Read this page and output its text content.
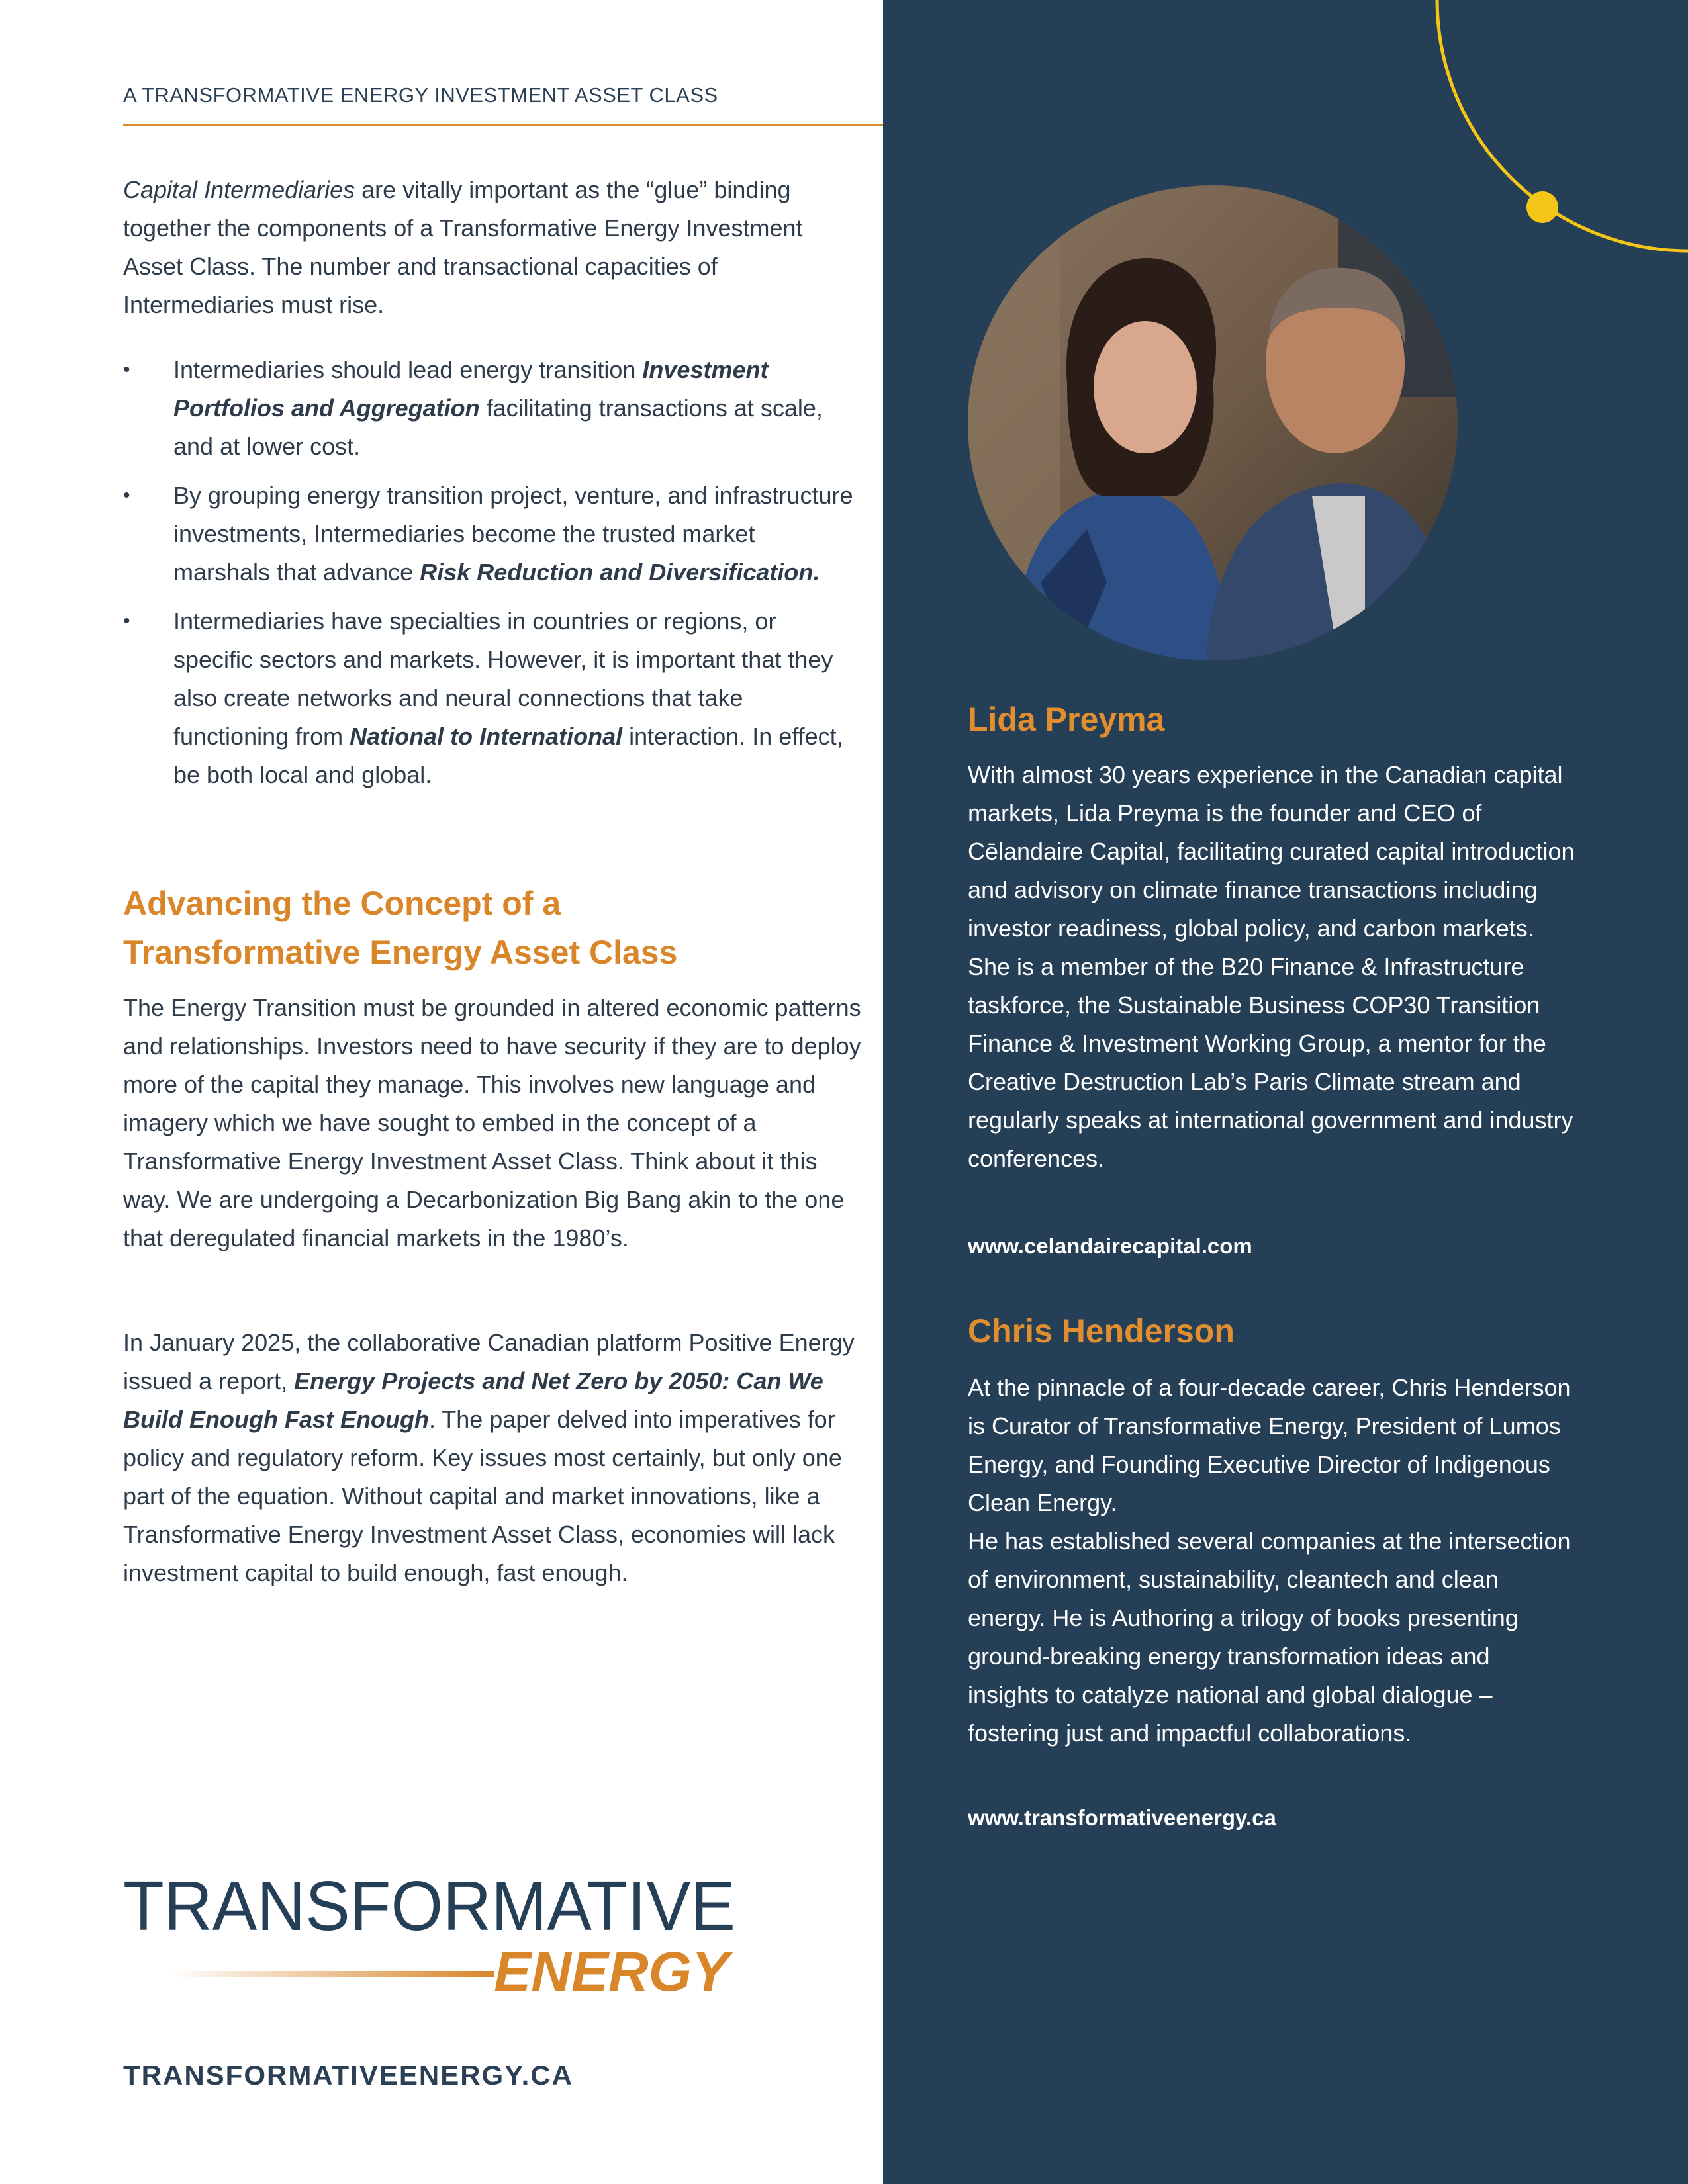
A TRANSFORMATIVE ENERGY INVESTMENT ASSET CLASS
Capital Intermediaries are vitally important as the “glue” binding together the components of a Transformative Energy Investment Asset Class. The number and transactional capacities of Intermediaries must rise.
• Intermediaries should lead energy transition Investment Portfolios and Aggregation facilitating transactions at scale, and at lower cost.
• By grouping energy transition project, venture, and infrastructure investments, Intermediaries become the trusted market marshals that advance Risk Reduction and Diversification.
• Intermediaries have specialties in countries or regions, or specific sectors and markets. However, it is important that they also create networks and neural connections that take functioning from National to International interaction. In effect, be both local and global.
Advancing the Concept of a
Transformative Energy Asset Class
The Energy Transition must be grounded in altered economic patterns and relationships. Investors need to have security if they are to deploy more of the capital they manage. This involves new language and imagery which we have sought to embed in the concept of a Transformative Energy Investment Asset Class. Think about it this way. We are undergoing a Decarbonization Big Bang akin to the one that deregulated financial markets in the 1980’s.
In January 2025, the collaborative Canadian platform Positive Energy issued a report, Energy Projects and Net Zero by 2050: Can We Build Enough Fast Enough. The paper delved into imperatives for policy and regulatory reform. Key issues most certainly, but only one part of the equation. Without capital and market innovations, like a Transformative Energy Investment Asset Class, economies will lack investment capital to build enough, fast enough.
TRANSFORMATIVE
ENERGY
TRANSFORMATIVEENERGY.CA
Lida Preyma
With almost 30 years experience in the Canadian capital markets, Lida Preyma is the founder and CEO of Cēlandaire Capital, facilitating curated capital introduction and advisory on climate finance transactions including investor readiness, global policy, and carbon markets. She is a member of the B20 Finance & Infrastructure taskforce, the Sustainable Business COP30 Transition Finance & Investment Working Group, a mentor for the Creative Destruction Lab’s Paris Climate stream and regularly speaks at international government and industry conferences.
www.celandairecapital.com
Chris Henderson
At the pinnacle of a four-decade career, Chris Henderson is Curator of Transformative Energy, President of Lumos Energy, and Founding Executive Director of Indigenous Clean Energy.
He has established several companies at the intersection of environment, sustainability, cleantech and clean energy. He is Authoring a trilogy of books presenting ground-breaking energy transformation ideas and insights to catalyze national and global dialogue – fostering just and impactful collaborations.
www.transformativeenergy.ca
